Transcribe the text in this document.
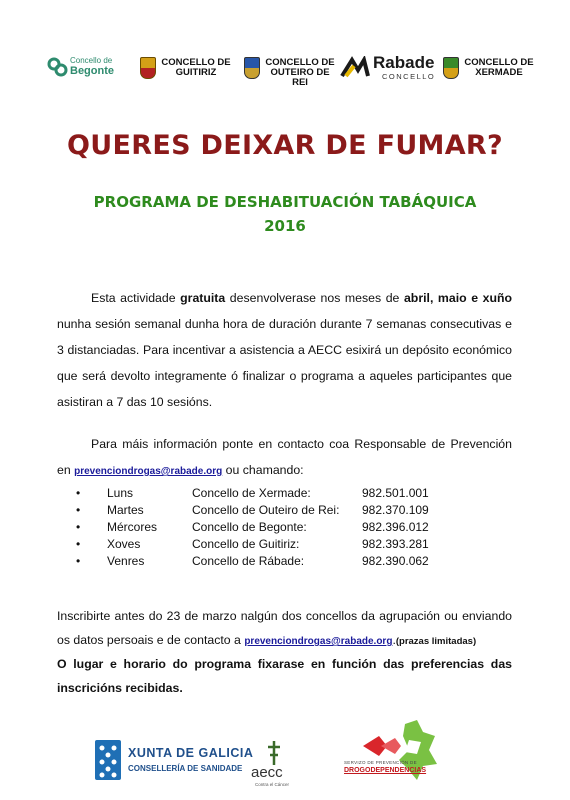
Concello de
Begonte
CONCELLO DE
GUITIRIZ
CONCELLO DE
OUTEIRO DE REI
Rabade
CONCELLO
CONCELLO DE
XERMADE
QUERES DEIXAR DE FUMAR?
PROGRAMA DE DESHABITUACIÓN TABÁQUICA
2016
Esta actividade gratuita desenvolverase nos meses de abril, maio e xuño nunha sesión semanal dunha hora de duración durante 7 semanas consecutivas e 3 distanciadas. Para incentivar a asistencia a AECC esixirá un depósito económico que será devolto integramente ó finalizar o programa a aqueles participantes que asistiran a 7 das 10 sesións.
Para máis información ponte en contacto coa Responsable de Prevención en prevenciondrogas@rabade.org ou chamando:
• Luns	Concello de Xermade:	982.501.001
• Martes	Concello de Outeiro de Rei: 982.370.109
• Mércores	Concello de Begonte:	982.396.012
• Xoves	Concello de Guitiriz:	982.393.281
• Venres	Concello de Rábade:	982.390.062
Inscribirte antes do 23 de marzo nalgún dos concellos da agrupación ou enviando os datos persoais e de contacto a prevenciondrogas@rabade.org.(prazas limitadas)
O lugar e horario do programa fixarase en función das preferencias das inscricións recibidas.
XUNTA DE GALICIA
CONSELLERÍA DE SANIDADE aecc
Contra el Cáncer
SERVIZO DE PREVENCIÓN DE
DROGODEPENDENCIAS
